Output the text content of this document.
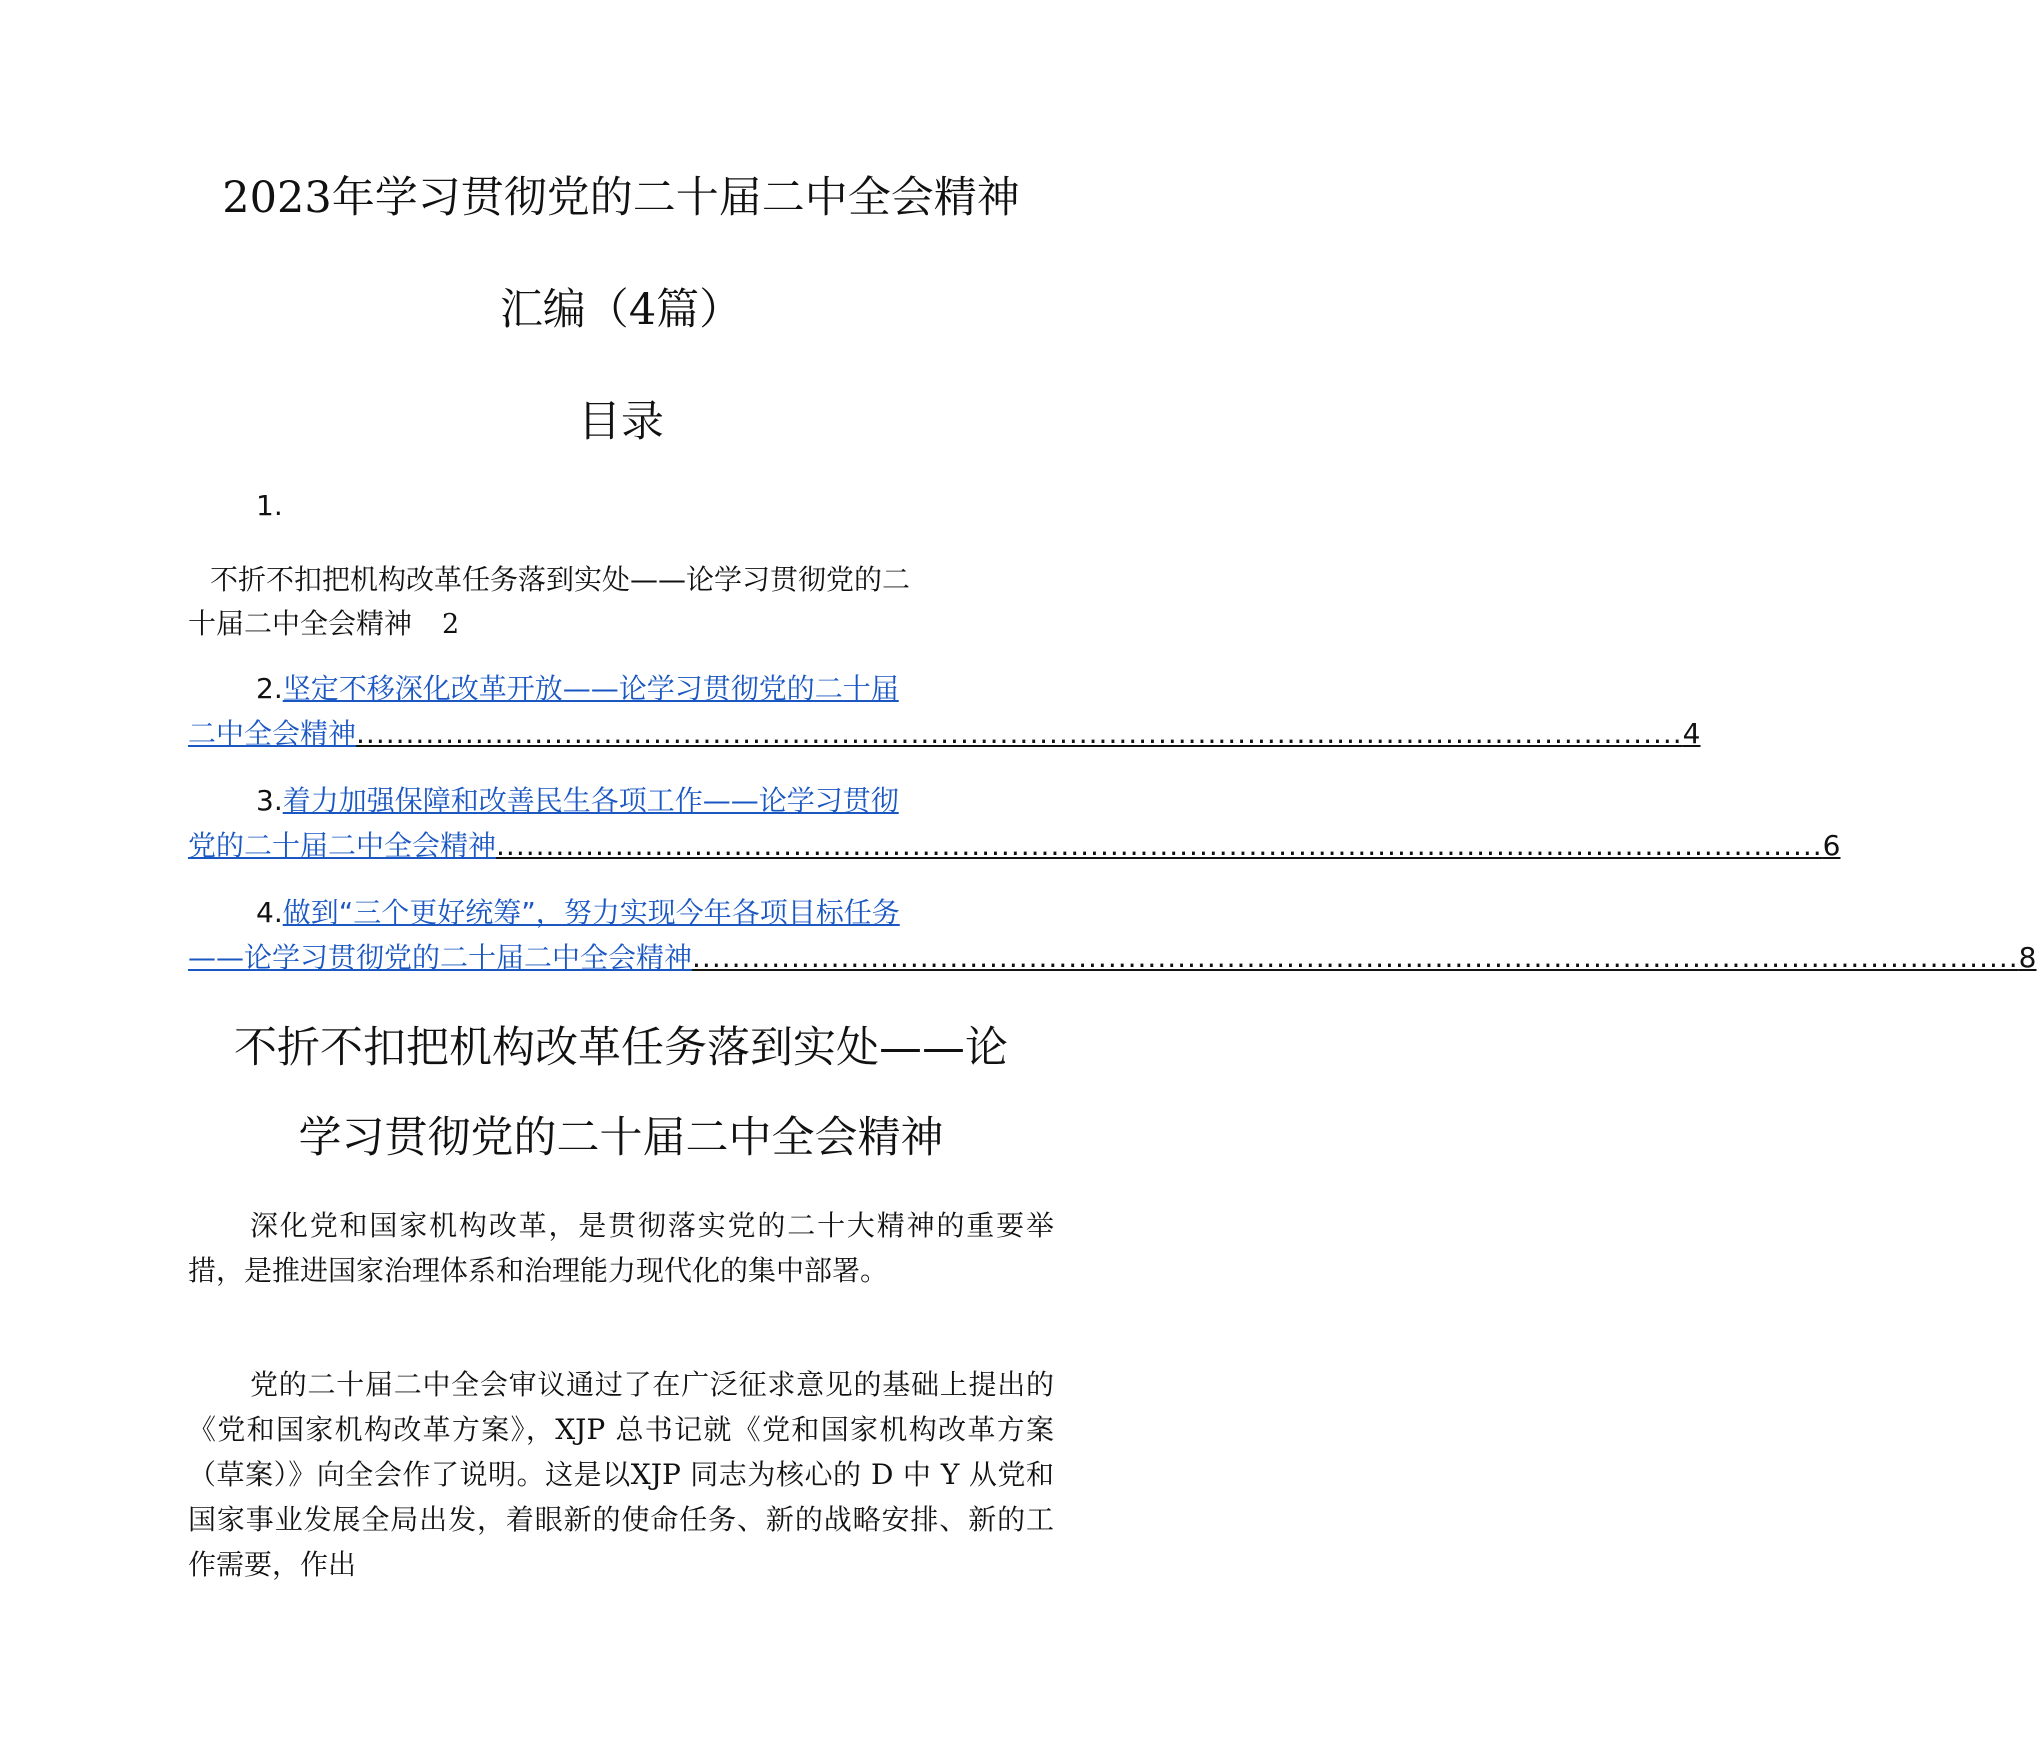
2023年学习贯彻党的二十届二中全会精神
汇编（4篇）
目录
1.
不折不扣把机构改革任务落到实处——论学习贯彻党的二
十届二中全会精神 2
2.坚定不移深化改革开放——论学习贯彻党的二十届
二中全会精神 ...................................................................................................................................... 4
3.着力加强保障和改善民生各项工作——论学习贯彻
党的二十届二中全会精神 ...................................................................................................................................... 6
4.做到“三个更好统筹”，努力实现今年各项目标任务
——论学习贯彻党的二十届二中全会精神 ...................................................................................................................................... 8
不折不扣把机构改革任务落到实处——论
学习贯彻党的二十届二中全会精神

深化党和国家机构改革，是贯彻落实党的二十大精神的重要举措，是推进国家治理体系和治理能力现代化的集中部署。

党的二十届二中全会审议通过了在广泛征求意见的基础上提出的《党和国家机构改革方案》，XJP 总书记就《党和国家机构改革方案（草案）》向全会作了说明。这是以XJP 同志为核心的 D 中 Y 从党和国家事业发展全局出发，着眼新的使命任务、新的战略安排、新的工作需要，作出
